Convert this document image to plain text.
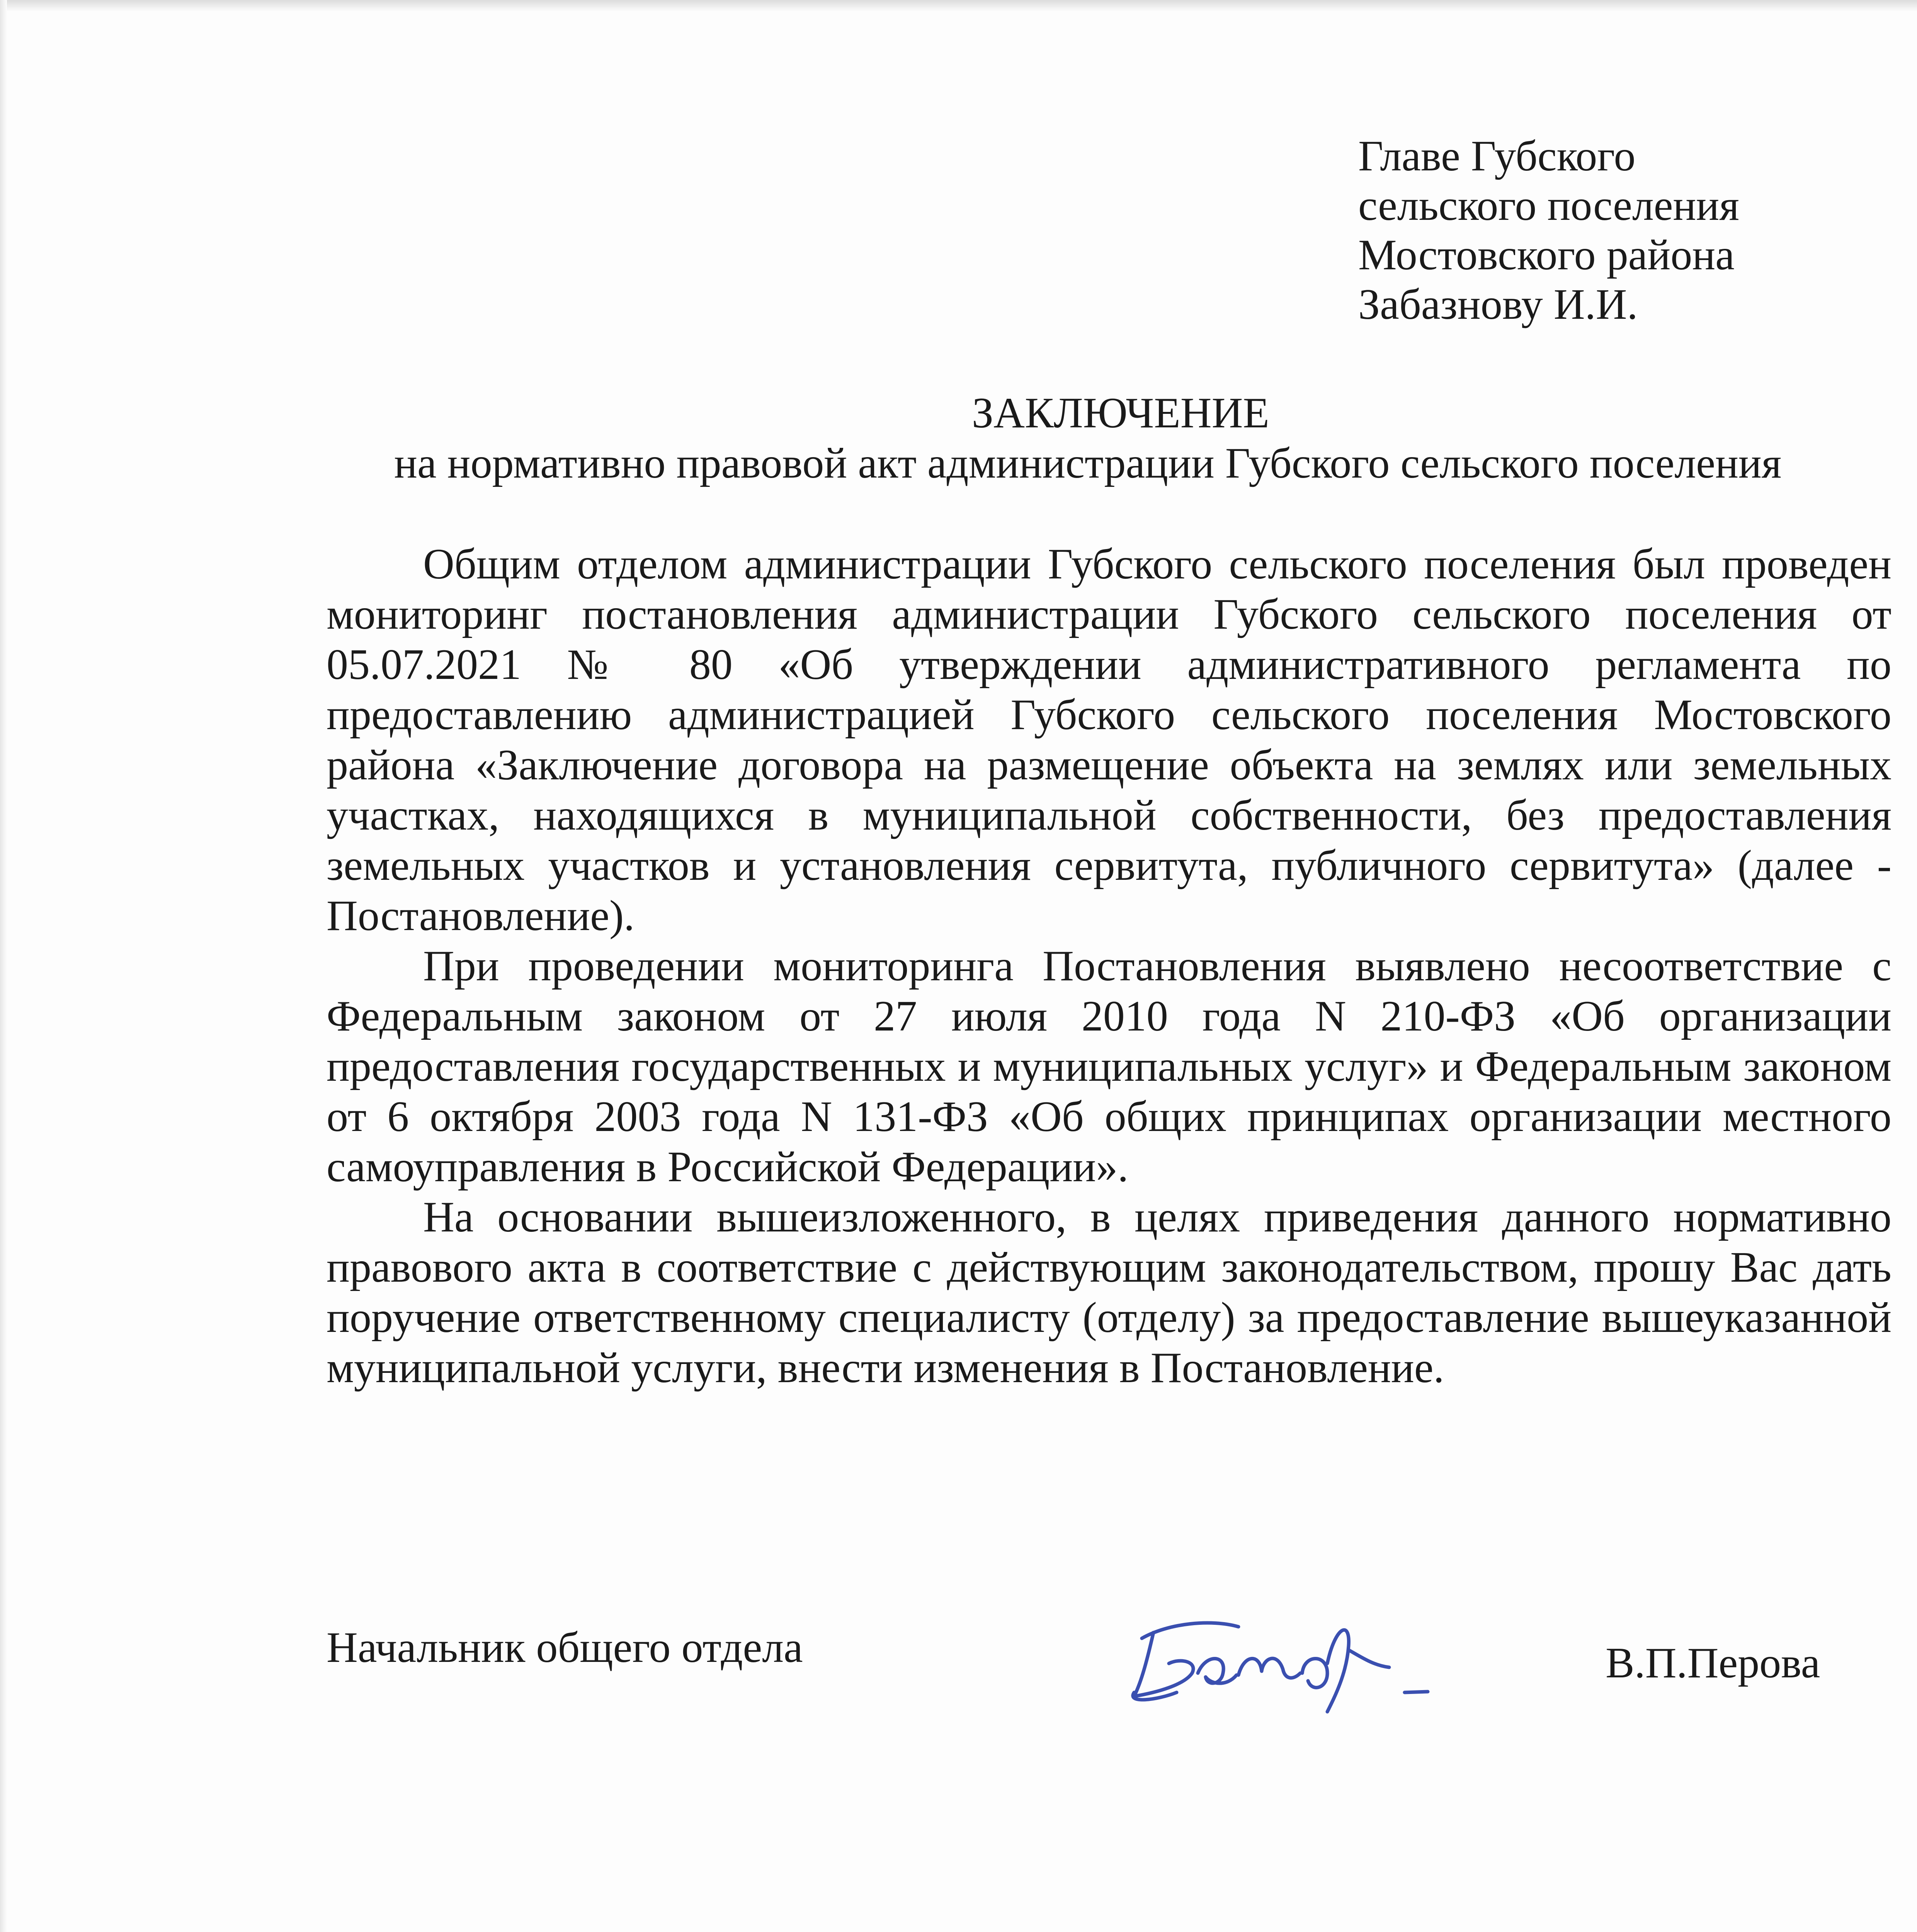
Главе Губского
сельского поселения
Мостовского района
Забазнову И.И.
ЗАКЛЮЧЕНИЕ
на нормативно правовой акт администрации Губского сельского поселения

Общим отделом администрации Губского сельского поселения был проведен мониторинг постановления администрации Губского сельского поселения от 05.07.2021 № 80 «Об утверждении административного регламента по предоставлению администрацией Губского сельского поселения Мостовского района «Заключение договора на размещение объекта на землях или земельных участках, находящихся в муниципальной собственности, без предоставления земельных участков и установления сервитута, публичного сервитута» (далее - Постановление).

При проведении мониторинга Постановления выявлено несоответствие с Федеральным законом от 27 июля 2010 года N 210-ФЗ «Об организации предоставления государственных и муниципальных услуг» и Федеральным законом от 6 октября 2003 года N 131-ФЗ «Об общих принципах организации местного самоуправления в Российской Федерации».

На основании вышеизложенного, в целях приведения данного нормативно правового акта в соответствие с действующим законодательством, прошу Вас дать поручение ответственному специалисту (отделу) за предоставление вышеуказанной муниципальной услуги, внести изменения в Постановление.

Начальник общего отдела	В.П.Перова
